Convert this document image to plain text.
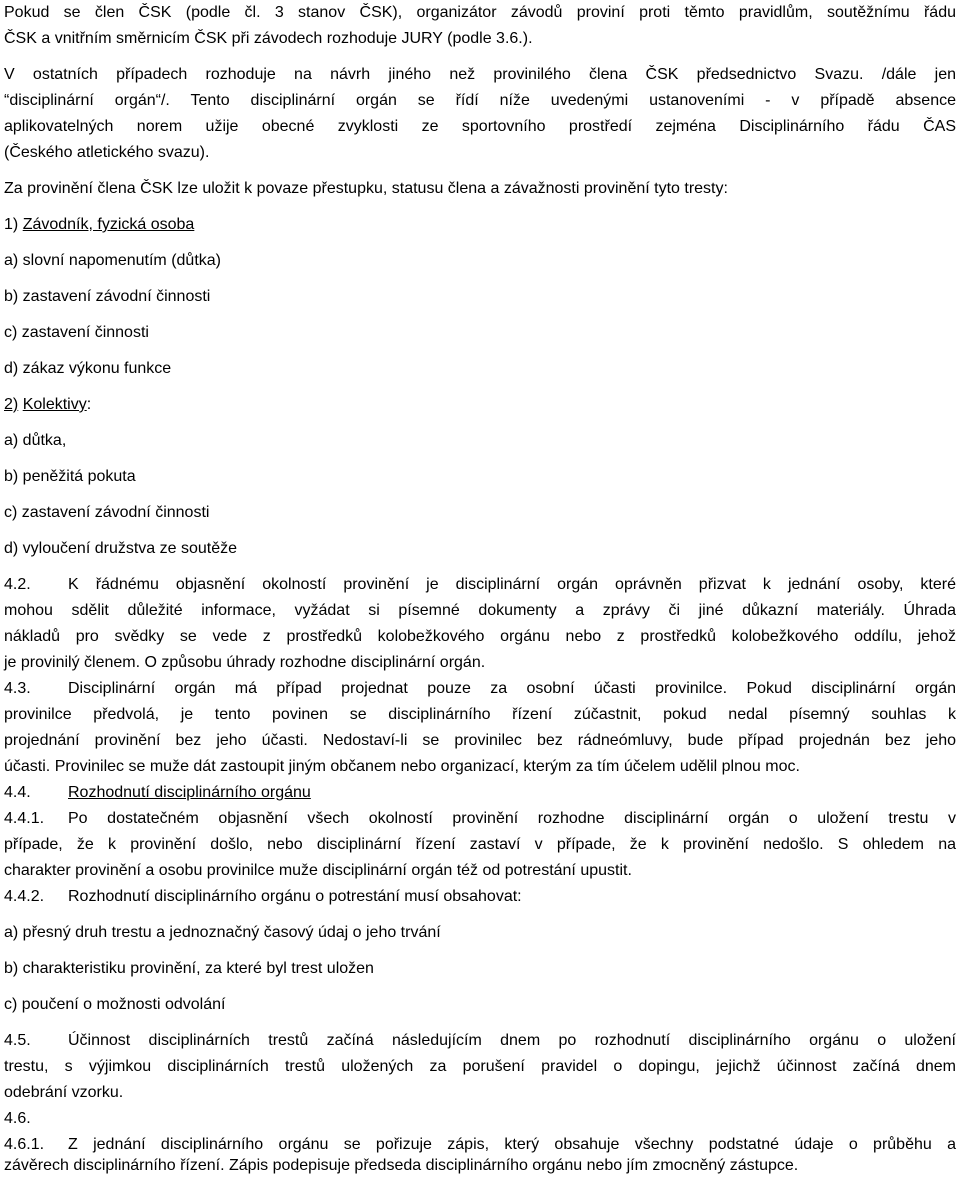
Pokud se člen ČSK (podle čl. 3 stanov ČSK), organizátor závodů proviní proti těmto pravidlům, soutěžnímu řádu
ČSK a vnitřním směrnicím ČSK při závodech rozhoduje JURY (podle 3.6.).
V ostatních případech rozhoduje na návrh jiného než provinilého člena ČSK předsednictvo Svazu. /dále jen
“disciplinární orgán“/. Tento disciplinární orgán se řídí níže uvedenými ustanoveními - v případě absence
aplikovatelných norem užije obecné zvyklosti ze sportovního prostředí zejména Disciplinárního řádu ČAS
(Českého atletického svazu).
Za provinění člena ČSK lze uložit k povaze přestupku, statusu člena a závažnosti provinění tyto tresty:
1) Závodník, fyzická osoba
a) slovní napomenutím (důtka)
b) zastavení závodní činnosti
c) zastavení činnosti
d) zákaz výkonu funkce
2) Kolektivy:
a) důtka,
b) peněžitá pokuta
c) zastavení závodní činnosti
d) vyloučení družstva ze soutěže
4.2. K řádnému objasnění okolností provinění je disciplinární orgán oprávněn přizvat k jednání osoby, které
mohou sdělit důležité informace, vyžádat si písemné dokumenty a zprávy či jiné důkazní materiály. Úhrada
nákladů pro svědky se vede z prostředků kolobežkového orgánu nebo z prostředků kolobežkového oddílu, jehož
je provinilý členem. O způsobu úhrady rozhodne disciplinární orgán.
4.3. Disciplinární orgán má případ projednat pouze za osobní účasti provinilce. Pokud disciplinární orgán
provinilce předvolá, je tento povinen se disciplinárního řízení zúčastnit, pokud nedal písemný souhlas k
projednání provinění bez jeho účasti. Nedostaví-li se provinilec bez rádneómluvy, bude případ projednán bez jeho
účasti. Provinilec se muže dát zastoupit jiným občanem nebo organizací, kterým za tím účelem udělil plnou moc.
4.4. Rozhodnutí disciplinárního orgánu
4.4.1. Po dostatečném objasnění všech okolností provinění rozhodne disciplinární orgán o uložení trestu v
případe, že k provinění došlo, nebo disciplinární řízení zastaví v případe, že k provinění nedošlo. S ohledem na
charakter provinění a osobu provinilce muže disciplinární orgán též od potrestání upustit.
4.4.2. Rozhodnutí disciplinárního orgánu o potrestání musí obsahovat:
a) přesný druh trestu a jednoznačný časový údaj o jeho trvání
b) charakteristiku provinění, za které byl trest uložen
c) poučení o možnosti odvolání
4.5. Účinnost disciplinárních trestů začíná následujícím dnem po rozhodnutí disciplinárního orgánu o uložení
trestu, s výjimkou disciplinárních trestů uložených za porušení pravidel o dopingu, jejichž účinnost začíná dnem
odebrání vzorku.
4.6.
4.6.1. Z jednání disciplinárního orgánu se pořizuje zápis, který obsahuje všechny podstatné údaje o průběhu a
závěrech disciplinárního řízení. Zápis podepisuje předseda disciplinárního orgánu nebo jím zmocněný zástupce.
